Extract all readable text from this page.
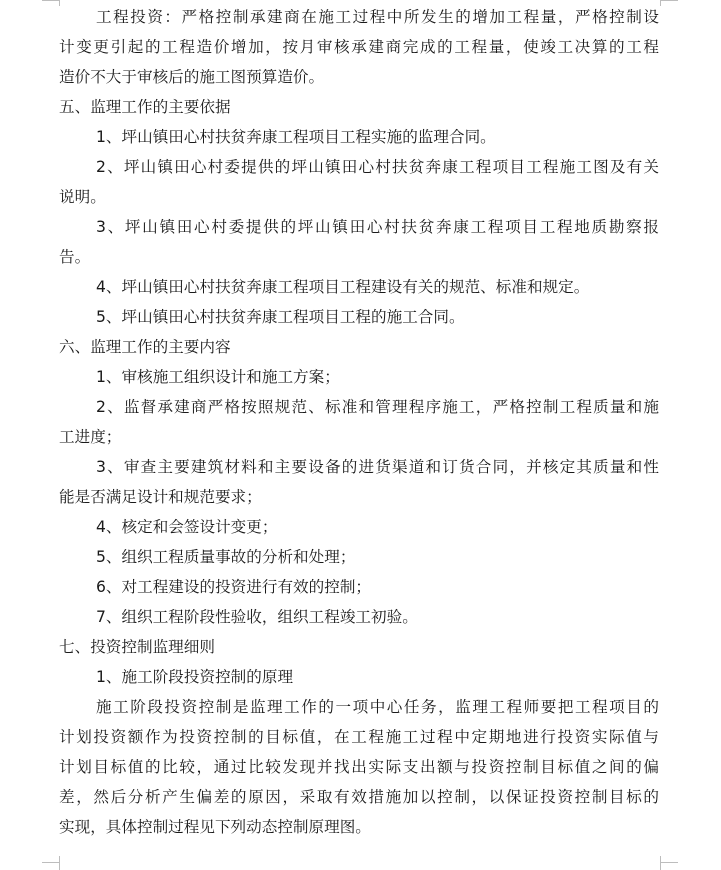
工程投资：严格控制承建商在施工过程中所发生的增加工程量，严格控制设
计变更引起的工程造价增加，按月审核承建商完成的工程量，使竣工决算的工程
造价不大于审核后的施工图预算造价。
五、监理工作的主要依据
1、坪山镇田心村扶贫奔康工程项目工程实施的监理合同。
2、坪山镇田心村委提供的坪山镇田心村扶贫奔康工程项目工程施工图及有关
说明。
3、坪山镇田心村委提供的坪山镇田心村扶贫奔康工程项目工程地质勘察报
告。
4、坪山镇田心村扶贫奔康工程项目工程建设有关的规范、标准和规定。
5、坪山镇田心村扶贫奔康工程项目工程的施工合同。
六、监理工作的主要内容
1、审核施工组织设计和施工方案；
2、监督承建商严格按照规范、标准和管理程序施工，严格控制工程质量和施
工进度；
3、审查主要建筑材料和主要设备的进货渠道和订货合同，并核定其质量和性
能是否满足设计和规范要求；
4、核定和会签设计变更；
5、组织工程质量事故的分析和处理；
6、对工程建设的投资进行有效的控制；
7、组织工程阶段性验收，组织工程竣工初验。
七、投资控制监理细则
1、施工阶段投资控制的原理
施工阶段投资控制是监理工作的一项中心任务，监理工程师要把工程项目的
计划投资额作为投资控制的目标值，在工程施工过程中定期地进行投资实际值与
计划目标值的比较，通过比较发现并找出实际支出额与投资控制目标值之间的偏
差，然后分析产生偏差的原因，采取有效措施加以控制，以保证投资控制目标的
实现，具体控制过程见下列动态控制原理图。
